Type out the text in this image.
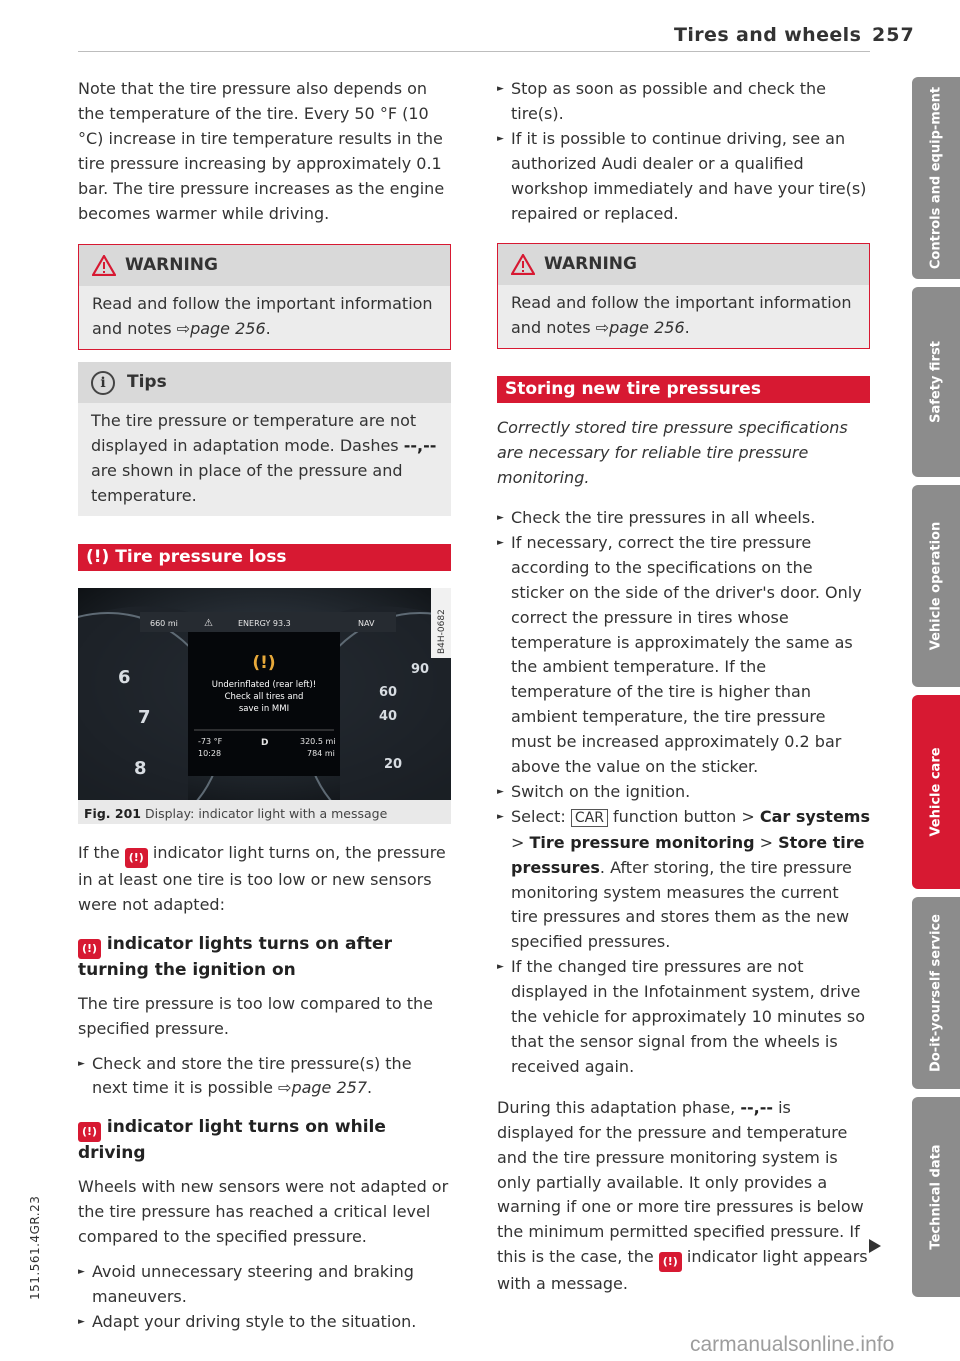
Tires and wheels 257

Note that the tire pressure also depends on the temperature of the tire. Every 50 °F (10 °C) increase in tire temperature results in the tire pressure increasing by approximately 0.1 bar. The tire pressure increases as the engine becomes warmer while driving.

WARNING
Read and follow the important information and notes ⇨page 256.
i	Tips
The tire pressure or temperature are not displayed in adaptation mode. Dashes --,-- are shown in place of the pressure and temperature.
(!) Tire pressure loss
6
7
8
40
60
90
20
660 mi	⚠	ENERGY 93.3	NAV
(!)
Underinflated (rear left)!
Check all tires and
save in MMI
-73 °F
10:28
D	320.5 mi
784 mi
B4H-0682
Fig. 201 Display: indicator light with a message

If the (!) indicator light turns on, the pressure in at least one tire is too low or new sensors were not adapted:

(!) indicator lights turns on after turning the ignition on

The tire pressure is too low compared to the specified pressure.

► Check and store the tire pressure(s) the next time it is possible ⇨page 257.
(!) indicator light turns on while driving

Wheels with new sensors were not adapted or the tire pressure has reached a critical level compared to the specified pressure.

► Avoid unnecessary steering and braking maneuvers.
► Adapt your driving style to the situation.
► Stop as soon as possible and check the tire(s).
► If it is possible to continue driving, see an authorized Audi dealer or a qualified workshop immediately and have your tire(s) repaired or replaced.
WARNING
Read and follow the important information and notes ⇨page 256.
Storing new tire pressures

Correctly stored tire pressure specifications are necessary for reliable tire pressure monitoring.

► Check the tire pressures in all wheels.
► If necessary, correct the tire pressure according to the specifications on the sticker on the side of the driver's door. Only correct the pressure in tires whose temperature is approximately the same as the ambient temperature. If the temperature of the tire is higher than ambient temperature, the tire pressure must be increased approximately 0.2 bar above the value on the sticker.
► Switch on the ignition.
► Select: CAR function button > Car systems > Tire pressure monitoring > Store tire pressures. After storing, the tire pressure monitoring system measures the current tire pressures and stores them as the new specified pressures.
► If the changed tire pressures are not displayed in the Infotainment system, drive the vehicle for approximately 10 minutes so that the sensor signal from the wheels is received again.

During this adaptation phase, --,-- is displayed for the pressure and temperature and the tire pressure monitoring system is only partially available. It only provides a warning if one or more tire pressures is below the minimum permitted specified pressure. If this is the case, the (!) indicator light appears with a message.

Controls and equip-ment
Safety first
Vehicle operation
Vehicle care
Do-it-yourself service
Technical data
151.561.4GR.23
carmanualsonline.info
